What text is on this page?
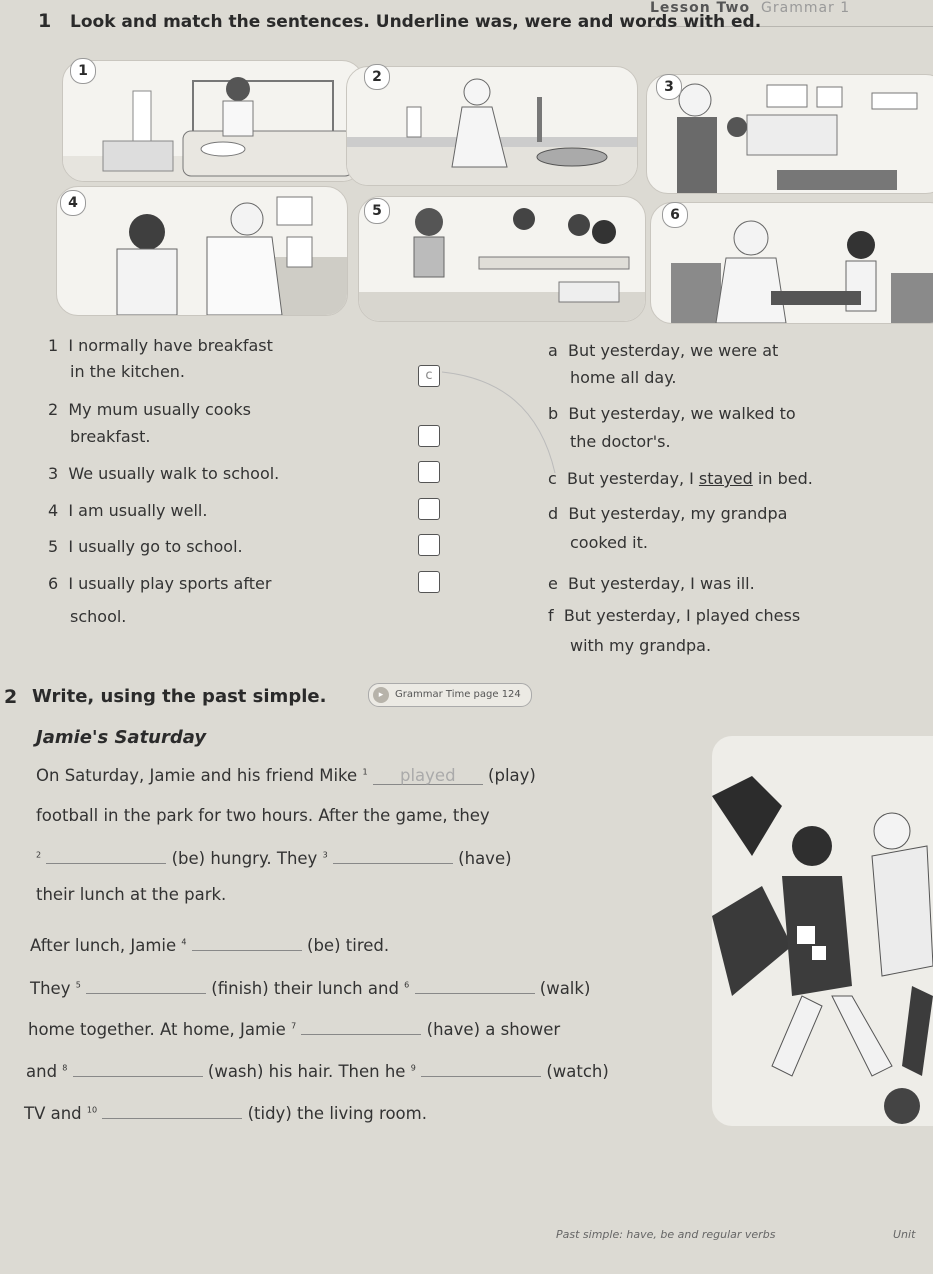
Lesson Two Grammar 1
1 Look and match the sentences. Underline was, were and words with ed.
1	2
3
4	5	6
1 I normally have breakfast
in the kitchen.
2 My mum usually cooks
breakfast.
3 We usually walk to school.
4 I am usually well.
5 I usually go to school.
6 I usually play sports after
school.
c
a But yesterday, we were at
home all day.
b But yesterday, we walked to
the doctor's.
c But yesterday, I stayed in bed.
d But yesterday, my grandpa
cooked it.
e But yesterday, I was ill.
f But yesterday, I played chess
with my grandpa.
2 Write, using the past simple.	▸	Grammar Time page 124
Jamie's Saturday
On Saturday, Jamie and his friend Mike $^1$ played (play)
football in the park for two hours. After the game, they
$^2$	(be) hungry. They $^3$	(have)
their lunch at the park.
After lunch, Jamie $^4$	(be) tired.
They $^5$	(finish) their lunch and $^6$	(walk)
home together. At home, Jamie $^7$	(have) a shower
and $^8$	(wash) his hair. Then he $^9$	(watch)
TV and $^{10}$	(tidy) the living room.
Past simple: have, be and regular verbs	Unit
